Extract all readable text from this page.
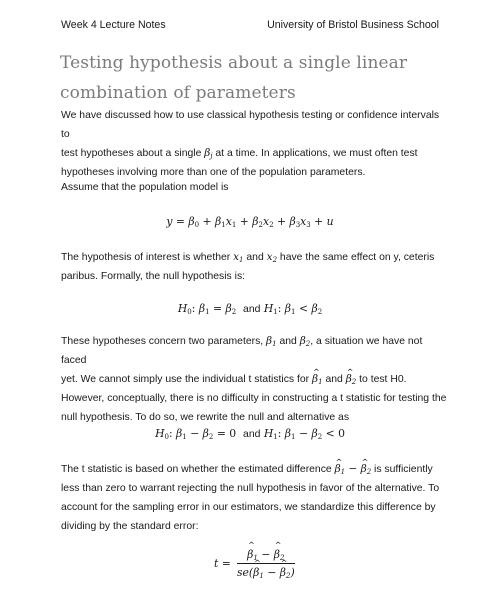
Week 4 Lecture Notes	University of Bristol Business School
Testing hypothesis about a single linear
combination of parameters
We have discussed how to use classical hypothesis testing or confidence intervals to
test hypotheses about a single $\beta_j$ at a time. In applications, we must often test
hypotheses involving more than one of the population parameters.
Assume that the population model is
$y = \beta_0 + \beta_1x_1 + \beta_2x_2 + \beta_3x_3 + u$
The hypothesis of interest is whether $x_1$ and $x_2$ have the same effect on y, ceteris
paribus. Formally, the null hypothesis is:
$H_0$: $\beta_1 = \beta_2$ and $H_1$: $\beta_1 < \beta_2$
These hypotheses concern two parameters, $\beta_1$ and $\beta_2$, a situation we have not faced
yet. We cannot simply use the individual t statistics for ^ $\beta_1$ and ^ $\beta_2$ to test H0.
However, conceptually, there is no difficulty in constructing a t statistic for testing the
null hypothesis. To do so, we rewrite the null and alternative as
$H_0$: $\beta_1 - \beta_2 = 0$  and $H_1$: $\beta_1 - \beta_2 < 0$
The t statistic is based on whether the estimated difference ^ $\beta_1$ − ^ $\beta_2$ is sufficiently
less than zero to warrant rejecting the null hypothesis in favor of the alternative. To
account for the sampling error in our estimators, we standardize this difference by
dividing by the standard error:
t =
^ $\frac{\beta_1 - \^{} \beta_2}{se(\^{} \beta_1 - \^{} \beta_2)}$
